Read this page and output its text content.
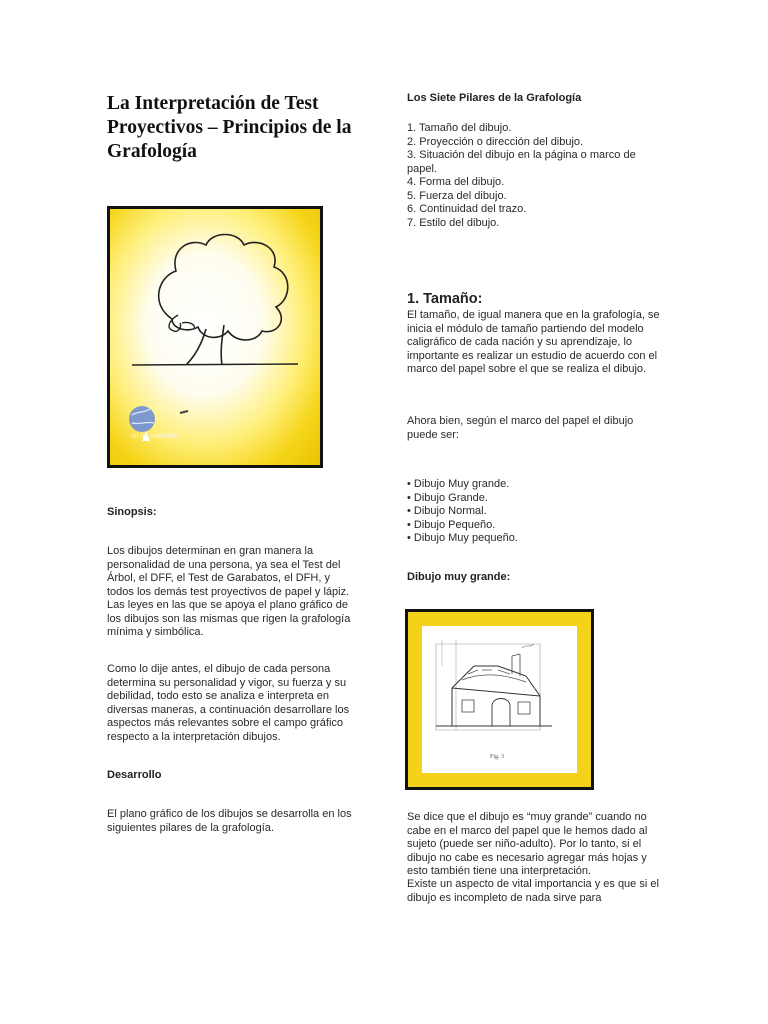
La Interpretación de Test Proyectivos – Principios de la Grafología
el sicoasesor
Sinopsis:
Los dibujos determinan en gran manera la personalidad de una persona, ya sea el Test del Árbol, el DFF, el Test de Garabatos, el DFH, y todos los demás test proyectivos de papel y lápiz. Las leyes en las que se apoya el plano gráfico de los dibujos son las mismas que rigen la grafología mínima y simbólica.
Como lo dije antes, el dibujo de cada persona determina su personalidad y vigor, su fuerza y su debilidad, todo esto se analiza e interpreta en diversas maneras, a continuación desarrollare los aspectos más relevantes sobre el campo gráfico respecto a la interpretación dibujos.
Desarrollo
El plano gráfico de los dibujos se desarrolla en los siguientes pilares de la grafología.
Los Siete Pilares de la Grafología
1. Tamaño del dibujo.
2. Proyección o dirección del dibujo.
3. Situación del dibujo en la página o marco de papel.
4. Forma del dibujo.
5. Fuerza del dibujo.
6. Continuidad del trazo.
7. Estilo del dibujo.
1. Tamaño:
El tamaño, de igual manera que en la grafología, se inicia el módulo de tamaño partiendo del modelo caligráfico de cada nación y su aprendizaje, lo importante es realizar un estudio de acuerdo con el marco del papel sobre el que se realiza el dibujo.
Ahora bien, según el marco del papel el dibujo puede ser:
• Dibujo Muy grande.
• Dibujo Grande.
• Dibujo Normal.
• Dibujo Pequeño.
• Dibujo Muy pequeño.
Dibujo muy grande:
Fig. 3
Se dice que el dibujo es “muy grande” cuando no cabe en el marco del papel que le hemos dado al sujeto (puede ser niño-adulto). Por lo tanto, si el dibujo no cabe es necesario agregar más hojas y esto también tiene una interpretación.
Existe un aspecto de vital importancia y es que si el dibujo es incompleto de nada sirve para
